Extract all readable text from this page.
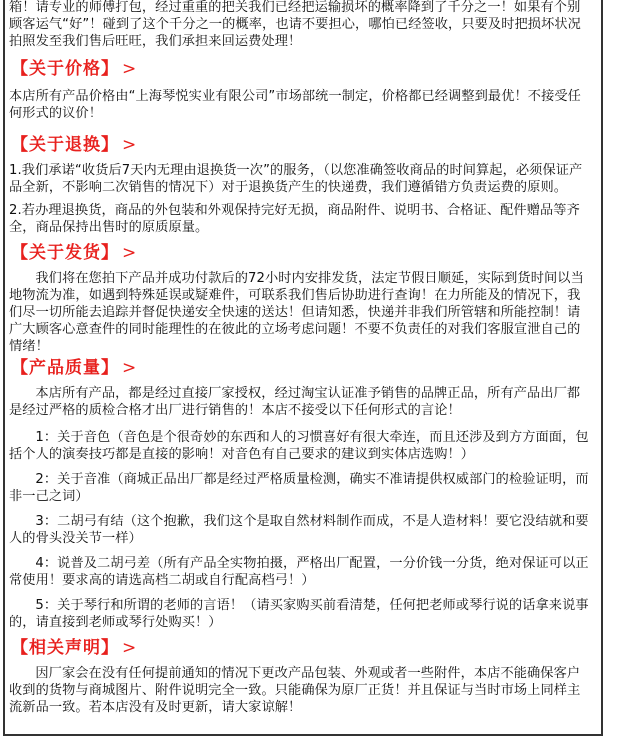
箱！请专业的师傅打包，经过重重的把关我们已经把运输损坏的概率降到了千分之一！如果有个别顾客运气“好”！碰到了这个千分之一的概率，也请不要担心，哪怕已经签收，只要及时把损坏状况拍照发至我们售后旺旺，我们承担来回运费处理！

【关于价格】 >

本店所有产品价格由“上海琴悦实业有限公司”市场部统一制定，价格都已经调整到最优！不接受任何形式的议价！

【关于退换】 >

1.我们承诺“收货后7天内无理由退换货一次”的服务，（以您准确签收商品的时间算起，必须保证产品全新，不影响二次销售的情况下）对于退换货产生的快递费，我们遵循错方负责运费的原则。

2.若办理退换货，商品的外包装和外观保持完好无损，商品附件、说明书、合格证、配件赠品等齐全，商品保持出售时的原质原量。

【关于发货】 >

我们将在您拍下产品并成功付款后的72小时内安排发货，法定节假日顺延，实际到货时间以当地物流为准，如遇到特殊延误或疑难件，可联系我们售后协助进行查询！在力所能及的情况下，我们尽一切所能去追踪并督促快递安全快速的送达！但请知悉，快递并非我们所管辖和所能控制！请广大顾客心意查件的同时能理性的在彼此的立场考虑问题！不要不负责任的对我们客服宣泄自己的情绪！

【产品质量】 >

本店所有产品，都是经过直接厂家授权，经过淘宝认证准予销售的品牌正品，所有产品出厂都是经过严格的质检合格才出厂进行销售的！本店不接受以下任何形式的言论！

1：关于音色（音色是个很奇妙的东西和人的习惯喜好有很大牵连，而且还涉及到方方面面，包括个人的演奏技巧都是直接的影响！对音色有自己要求的建议到实体店选购！）

2：关于音准（商城正品出厂都是经过严格质量检测，确实不准请提供权威部门的检验证明，而非一己之词）

3：二胡弓有结（这个抱歉，我们这个是取自然材料制作而成，不是人造材料！要它没结就和要人的骨头没关节一样）

4：说普及二胡弓差（所有产品全实物拍摄，严格出厂配置，一分价钱一分货，绝对保证可以正常使用！要求高的请选高档二胡或自行配高档弓！）

5：关于琴行和所谓的老师的言语！（请买家购买前看清楚，任何把老师或琴行说的话拿来说事的，请直接到老师或琴行处购买！）

【相关声明】 >

因厂家会在没有任何提前通知的情况下更改产品包装、外观或者一些附件，本店不能确保客户收到的货物与商城图片、附件说明完全一致。只能确保为原厂正货！并且保证与当时市场上同样主流新品一致。若本店没有及时更新，请大家谅解！
